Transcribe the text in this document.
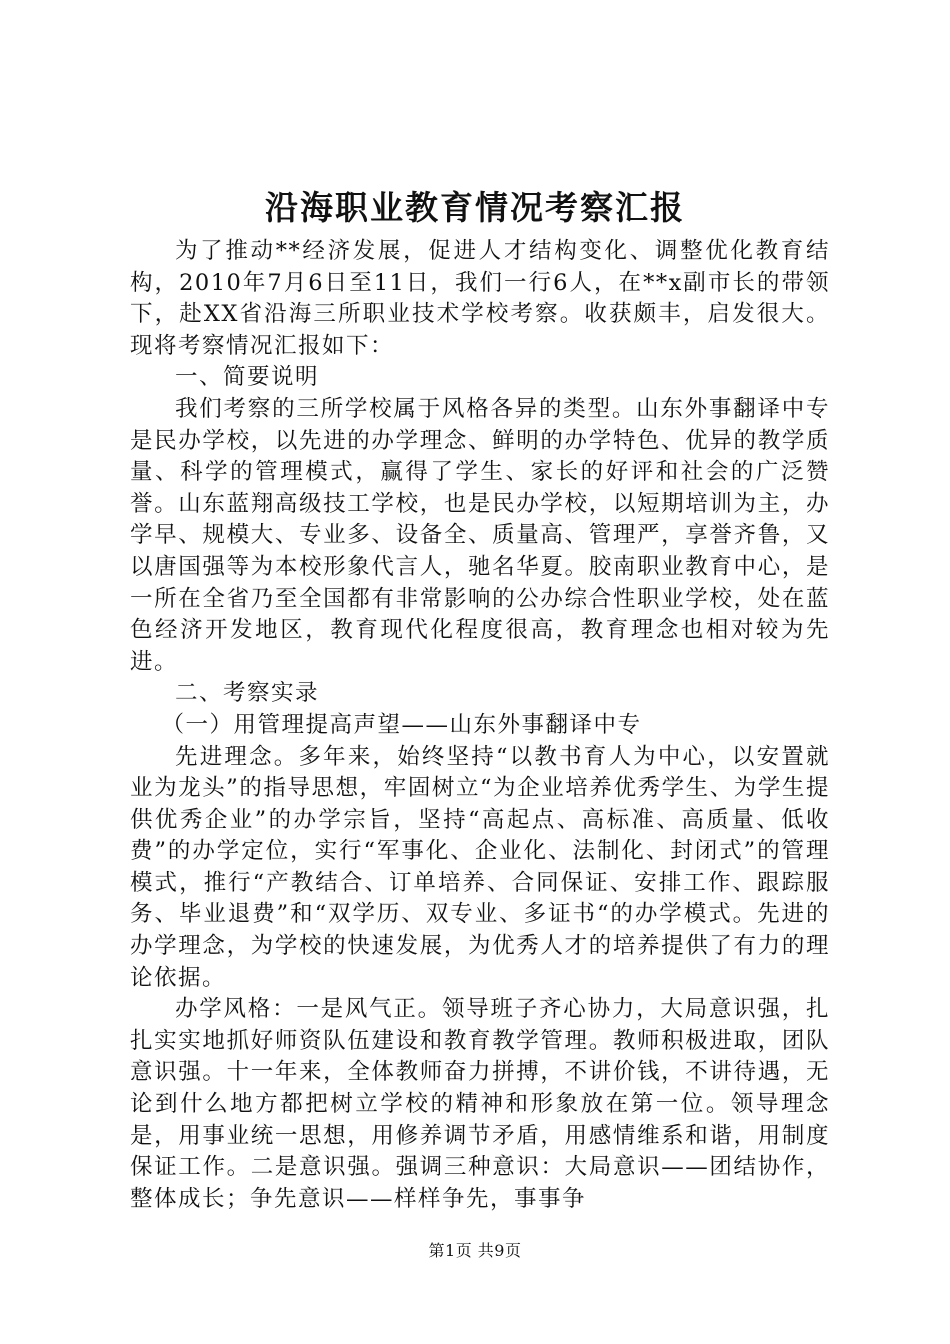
沿海职业教育情况考察汇报

为了推动**经济发展，促进人才结构变化、调整优化教育结构，2010年7月6日至11日，我们一行6人，在**x副市长的带领下，赴XX省沿海三所职业技术学校考察。收获颇丰，启发很大。现将考察情况汇报如下：

一、简要说明

我们考察的三所学校属于风格各异的类型。山东外事翻译中专是民办学校，以先进的办学理念、鲜明的办学特色、优异的教学质量、科学的管理模式，赢得了学生、家长的好评和社会的广泛赞誉。山东蓝翔高级技工学校，也是民办学校，以短期培训为主，办学早、规模大、专业多、设备全、质量高、管理严，享誉齐鲁，又以唐国强等为本校形象代言人，驰名华夏。胶南职业教育中心，是一所在全省乃至全国都有非常影响的公办综合性职业学校，处在蓝色经济开发地区，教育现代化程度很高，教育理念也相对较为先进。

二、考察实录

（一）用管理提高声望——山东外事翻译中专

先进理念。多年来，始终坚持“以教书育人为中心，以安置就业为龙头”的指导思想，牢固树立“为企业培养优秀学生、为学生提供优秀企业”的办学宗旨，坚持“高起点、高标准、高质量、低收费”的办学定位，实行“军事化、企业化、法制化、封闭式”的管理模式，推行“产教结合、订单培养、合同保证、安排工作、跟踪服务、毕业退费”和“双学历、双专业、多证书“的办学模式。先进的办学理念，为学校的快速发展，为优秀人才的培养提供了有力的理论依据。

办学风格：一是风气正。领导班子齐心协力，大局意识强，扎扎实实地抓好师资队伍建设和教育教学管理。教师积极进取，团队意识强。十一年来，全体教师奋力拼搏，不讲价钱，不讲待遇，无论到什么地方都把树立学校的精神和形象放在第一位。领导理念是，用事业统一思想，用修养调节矛盾，用感情维系和谐，用制度保证工作。二是意识强。强调三种意识：大局意识——团结协作，整体成长；争先意识——样样争先，事事争

第1页 共9页
